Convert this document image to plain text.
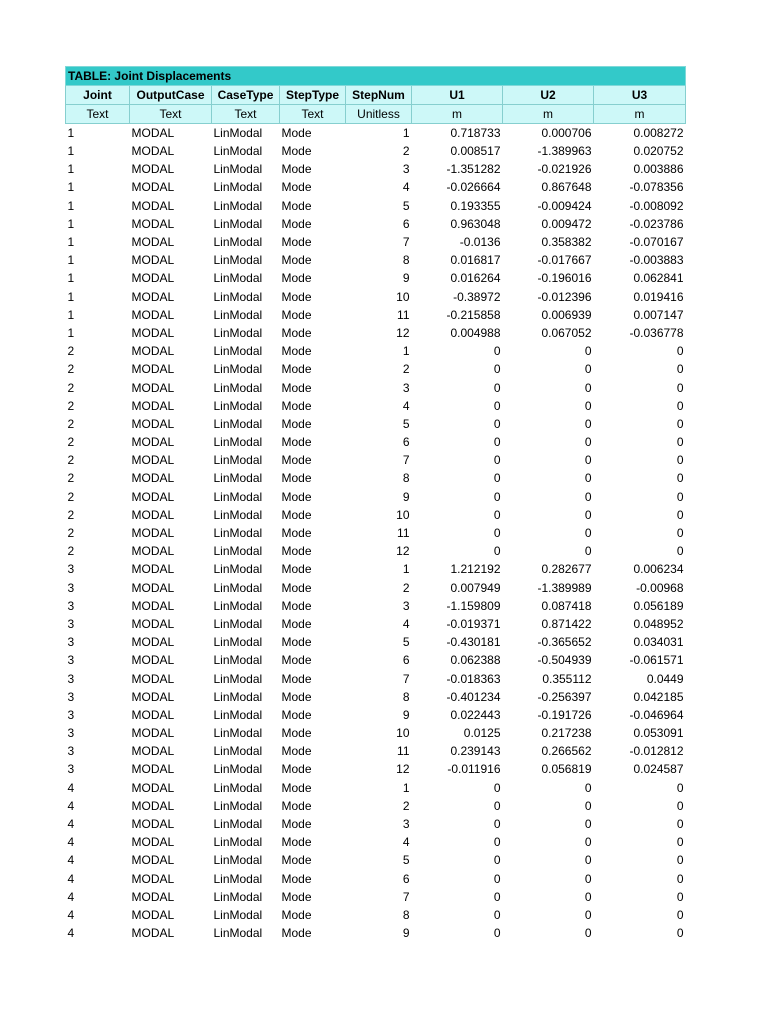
TABLE: Joint Displacements							
Joint	OutputCase	CaseType	StepType	StepNum	U1	U2	U3
Text	Text	Text	Text	Unitless	m	m	m
1	MODAL	LinModal	Mode	1	0.718733	0.000706	0.008272
1	MODAL	LinModal	Mode	2	0.008517	-1.389963	0.020752
1	MODAL	LinModal	Mode	3	-1.351282	-0.021926	0.003886
1	MODAL	LinModal	Mode	4	-0.026664	0.867648	-0.078356
1	MODAL	LinModal	Mode	5	0.193355	-0.009424	-0.008092
1	MODAL	LinModal	Mode	6	0.963048	0.009472	-0.023786
1	MODAL	LinModal	Mode	7	-0.0136	0.358382	-0.070167
1	MODAL	LinModal	Mode	8	0.016817	-0.017667	-0.003883
1	MODAL	LinModal	Mode	9	0.016264	-0.196016	0.062841
1	MODAL	LinModal	Mode	10	-0.38972	-0.012396	0.019416
1	MODAL	LinModal	Mode	11	-0.215858	0.006939	0.007147
1	MODAL	LinModal	Mode	12	0.004988	0.067052	-0.036778
2	MODAL	LinModal	Mode	1	0	0	0
2	MODAL	LinModal	Mode	2	0	0	0
2	MODAL	LinModal	Mode	3	0	0	0
2	MODAL	LinModal	Mode	4	0	0	0
2	MODAL	LinModal	Mode	5	0	0	0
2	MODAL	LinModal	Mode	6	0	0	0
2	MODAL	LinModal	Mode	7	0	0	0
2	MODAL	LinModal	Mode	8	0	0	0
2	MODAL	LinModal	Mode	9	0	0	0
2	MODAL	LinModal	Mode	10	0	0	0
2	MODAL	LinModal	Mode	11	0	0	0
2	MODAL	LinModal	Mode	12	0	0	0
3	MODAL	LinModal	Mode	1	1.212192	0.282677	0.006234
3	MODAL	LinModal	Mode	2	0.007949	-1.389989	-0.00968
3	MODAL	LinModal	Mode	3	-1.159809	0.087418	0.056189
3	MODAL	LinModal	Mode	4	-0.019371	0.871422	0.048952
3	MODAL	LinModal	Mode	5	-0.430181	-0.365652	0.034031
3	MODAL	LinModal	Mode	6	0.062388	-0.504939	-0.061571
3	MODAL	LinModal	Mode	7	-0.018363	0.355112	0.0449
3	MODAL	LinModal	Mode	8	-0.401234	-0.256397	0.042185
3	MODAL	LinModal	Mode	9	0.022443	-0.191726	-0.046964
3	MODAL	LinModal	Mode	10	0.0125	0.217238	0.053091
3	MODAL	LinModal	Mode	11	0.239143	0.266562	-0.012812
3	MODAL	LinModal	Mode	12	-0.011916	0.056819	0.024587
4	MODAL	LinModal	Mode	1	0	0	0
4	MODAL	LinModal	Mode	2	0	0	0
4	MODAL	LinModal	Mode	3	0	0	0
4	MODAL	LinModal	Mode	4	0	0	0
4	MODAL	LinModal	Mode	5	0	0	0
4	MODAL	LinModal	Mode	6	0	0	0
4	MODAL	LinModal	Mode	7	0	0	0
4	MODAL	LinModal	Mode	8	0	0	0
4	MODAL	LinModal	Mode	9	0	0	0
